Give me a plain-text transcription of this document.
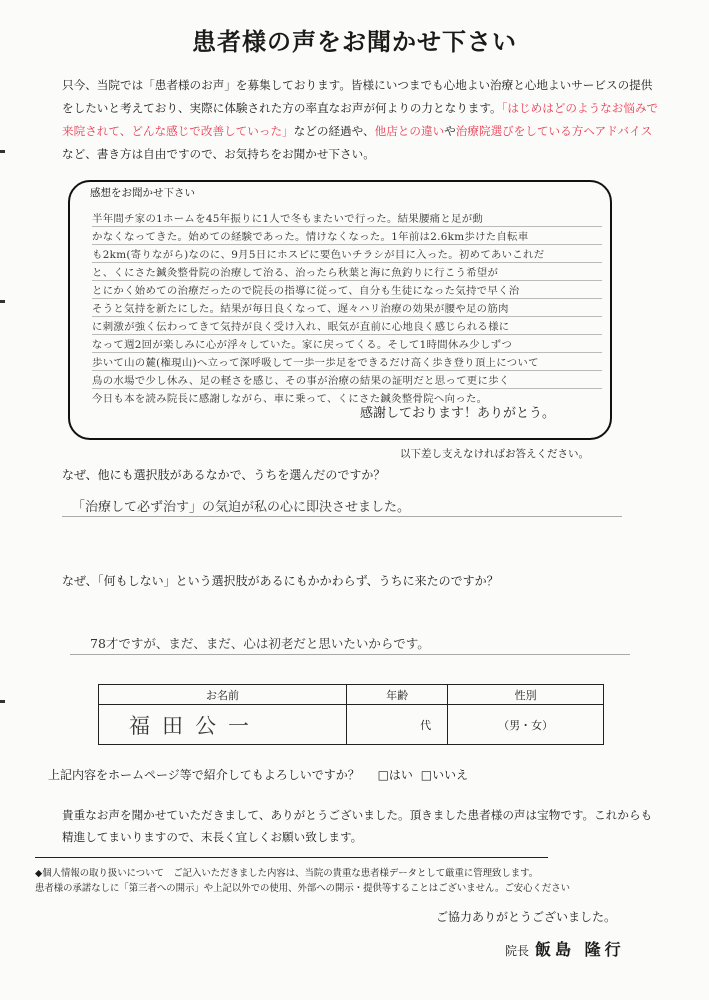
患者様の声をお聞かせ下さい
只今、当院では「患者様のお声」を募集しております。皆様にいつまでも心地よい治療と心地よいサービスの提供をしたいと考えており、実際に体験された方の率直なお声が何よりの力となります。「はじめはどのようなお悩みで来院されて、どんな感じで改善していった」などの経過や、他店との違いや治療院選びをしている方へアドバイスなど、書き方は自由ですので、お気持ちをお聞かせ下さい。
感想をお聞かせ下さい
半年間チ家の1ホームを45年振りに1人で冬もまたいで行った。結果腰痛と足が動
かなくなってきた。始めての経験であった。情けなくなった。1年前は2.6km歩けた自転車
も2km(寄りながら)なのに、9月5日にホスピに要色いチラシが目に入った。初めてあいこれだ
と、くにさた鍼灸整骨院の治療して治る、治ったら秋葉と海に魚釣りに行こう希望が
とにかく始めての治療だったので院長の指導に従って、自分も生徒になった気持で早く治
そうと気持を新たにした。結果が毎日良くなって、遅々ハリ治療の効果が腰や足の筋肉
に刺激が強く伝わってきて気持が良く受け入れ、眠気が直前に心地良く感じられる様に
なって週2回が楽しみに心が浮々していた。家に戻ってくる。そして1時間休み少しずつ
歩いて山の麓(権現山)へ立って深呼吸して一歩一歩足をできるだけ高く歩き登り頂上について
鳥の水場で少し休み、足の軽さを感じ、その事が治療の結果の証明だと思って更に歩く
今日も本を読み院長に感謝しながら、車に乗って、くにさた鍼灸整骨院へ向った。
感謝しております！ありがとう。
以下差し支えなければお答えください。
なぜ、他にも選択肢があるなかで、うちを選んだのですか？
「治療して必ず治す」の気迫が私の心に即決させました。
なぜ、「何もしない」という選択肢があるにもかかわらず、うちに来たのですか？
78才ですが、まだ、まだ、心は初老だと思いたいからです。
お名前	年齢	性別
福田公一	代	（男・女）
上記内容をホームページ等で紹介してもよろしいですか？ □はい □いいえ
貴重なお声を聞かせていただきまして、ありがとうございました。頂きました患者様の声は宝物です。これからも精進してまいりますので、末長く宜しくお願い致します。
◆個人情報の取り扱いについて　ご記入いただきました内容は、当院の貴重な患者様データとして厳重に管理致します。
患者様の承諾なしに「第三者への開示」や上記以外での使用、外部への開示・提供等することはございません。ご安心ください
ご協力ありがとうございました。
院長 飯島 隆行
